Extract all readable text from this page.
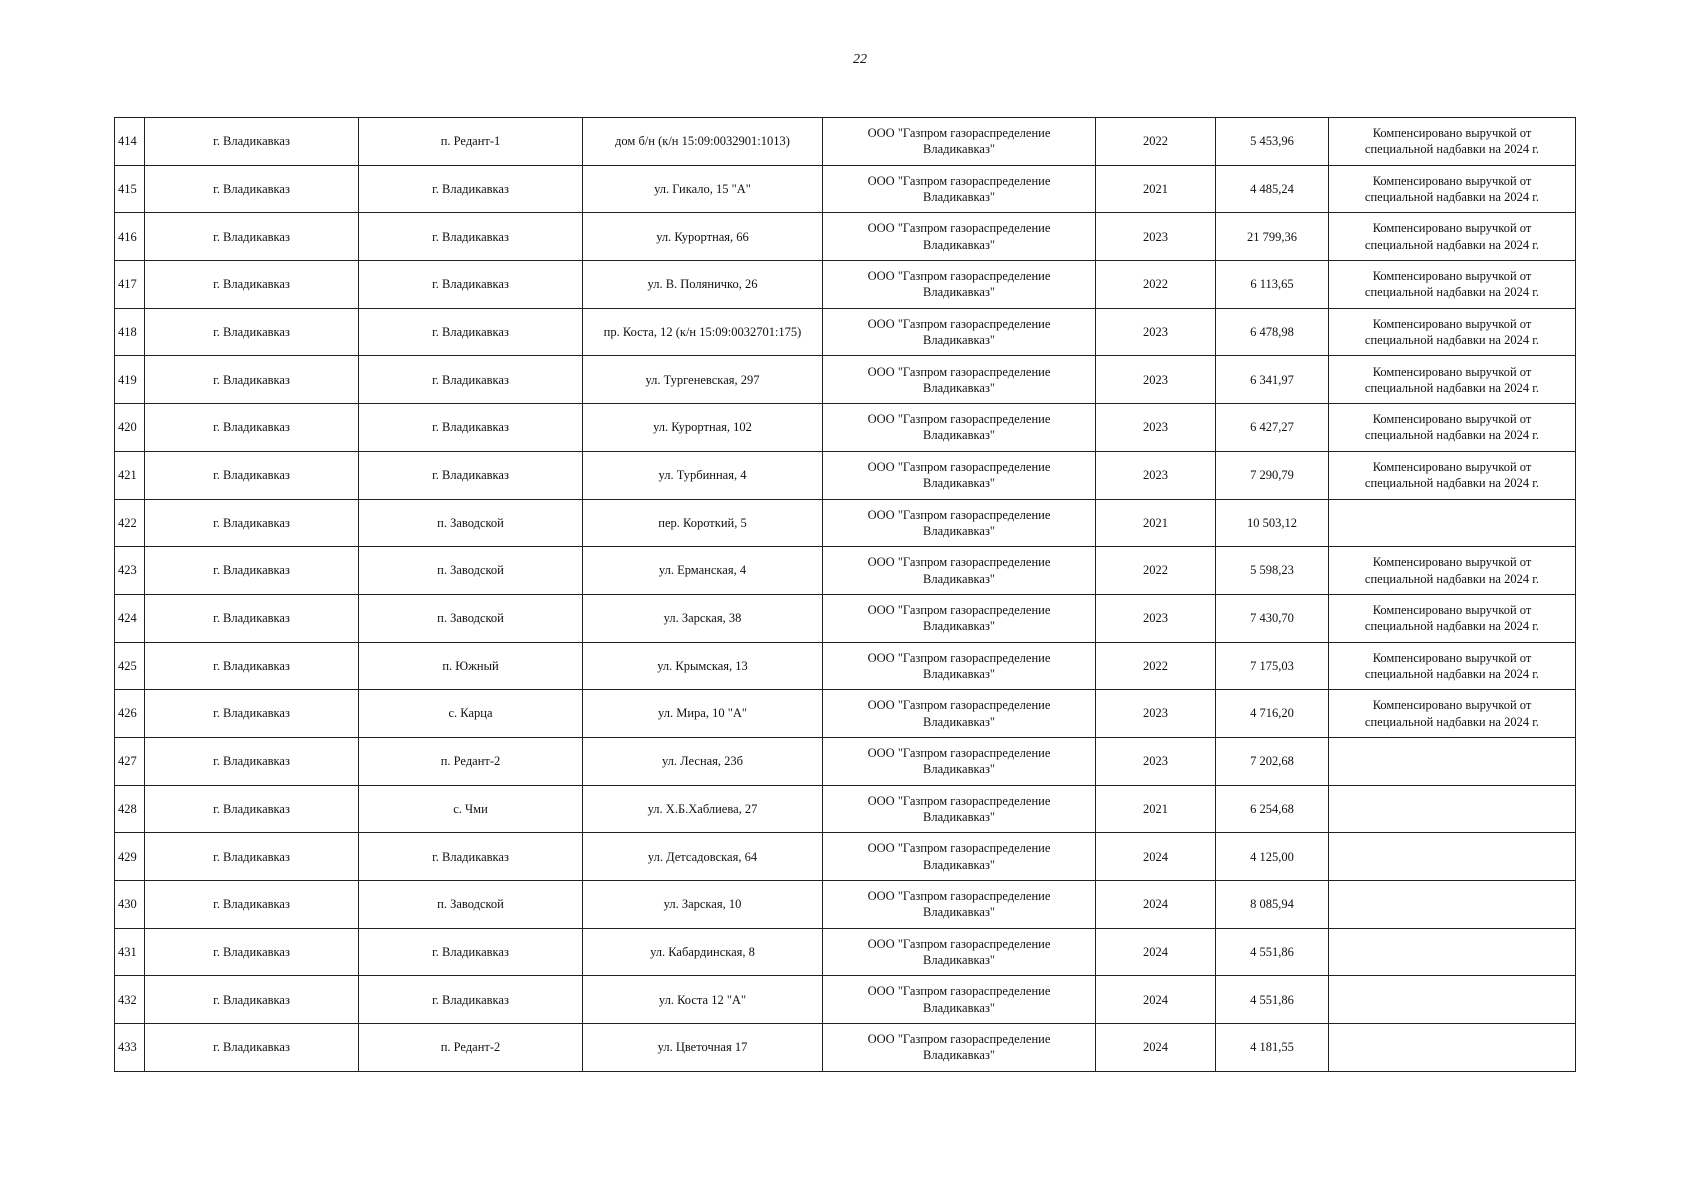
22
414	г. Владикавказ	п. Редант-1	дом б/н (к/н 15:09:0032901:1013)	ООО "Газпром газораспределение
Владикавказ"	2022	5 453,96	Компенсировано выручкой от
специальной надбавки на 2024 г.

415	г. Владикавказ	г. Владикавказ	ул. Гикало, 15 "А"	ООО "Газпром газораспределение
Владикавказ"	2021	4 485,24	Компенсировано выручкой от
специальной надбавки на 2024 г.

416	г. Владикавказ	г. Владикавказ	ул. Курортная, 66	ООО "Газпром газораспределение
Владикавказ"	2023	21 799,36	Компенсировано выручкой от
специальной надбавки на 2024 г.

417	г. Владикавказ	г. Владикавказ	ул. В. Поляничко, 26	ООО "Газпром газораспределение
Владикавказ"	2022	6 113,65	Компенсировано выручкой от
специальной надбавки на 2024 г.

418	г. Владикавказ	г. Владикавказ	пр. Коста, 12 (к/н 15:09:0032701:175)	ООО "Газпром газораспределение
Владикавказ"	2023	6 478,98	Компенсировано выручкой от
специальной надбавки на 2024 г.

419	г. Владикавказ	г. Владикавказ	ул. Тургеневская, 297	ООО "Газпром газораспределение
Владикавказ"	2023	6 341,97	Компенсировано выручкой от
специальной надбавки на 2024 г.

420	г. Владикавказ	г. Владикавказ	ул. Курортная, 102	ООО "Газпром газораспределение
Владикавказ"	2023	6 427,27	Компенсировано выручкой от
специальной надбавки на 2024 г.

421	г. Владикавказ	г. Владикавказ	ул. Турбинная, 4	ООО "Газпром газораспределение
Владикавказ"	2023	7 290,79	Компенсировано выручкой от
специальной надбавки на 2024 г.

422	г. Владикавказ	п. Заводской	пер. Короткий, 5	ООО "Газпром газораспределение
Владикавказ"	2021	10 503,12	

423	г. Владикавказ	п. Заводской	ул. Ерманская, 4	ООО "Газпром газораспределение
Владикавказ"	2022	5 598,23	Компенсировано выручкой от
специальной надбавки на 2024 г.

424	г. Владикавказ	п. Заводской	ул. Зарская, 38	ООО "Газпром газораспределение
Владикавказ"	2023	7 430,70	Компенсировано выручкой от
специальной надбавки на 2024 г.

425	г. Владикавказ	п. Южный	ул. Крымская, 13	ООО "Газпром газораспределение
Владикавказ"	2022	7 175,03	Компенсировано выручкой от
специальной надбавки на 2024 г.

426	г. Владикавказ	с. Карца	ул. Мира, 10 "А"	ООО "Газпром газораспределение
Владикавказ"	2023	4 716,20	Компенсировано выручкой от
специальной надбавки на 2024 г.

427	г. Владикавказ	п. Редант-2	ул. Лесная, 23б	ООО "Газпром газораспределение
Владикавказ"	2023	7 202,68	

428	г. Владикавказ	с. Чми	ул. Х.Б.Хаблиева, 27	ООО "Газпром газораспределение
Владикавказ"	2021	6 254,68	

429	г. Владикавказ	г. Владикавказ	ул. Детсадовская, 64	ООО "Газпром газораспределение
Владикавказ"	2024	4 125,00	

430	г. Владикавказ	п. Заводской	ул. Зарская, 10	ООО "Газпром газораспределение
Владикавказ"	2024	8 085,94	

431	г. Владикавказ	г. Владикавказ	ул. Кабардинская, 8	ООО "Газпром газораспределение
Владикавказ"	2024	4 551,86	

432	г. Владикавказ	г. Владикавказ	ул. Коста 12 "А"	ООО "Газпром газораспределение
Владикавказ"	2024	4 551,86	

433	г. Владикавказ	п. Редант-2	ул. Цветочная 17	ООО "Газпром газораспределение
Владикавказ"	2024	4 181,55	
